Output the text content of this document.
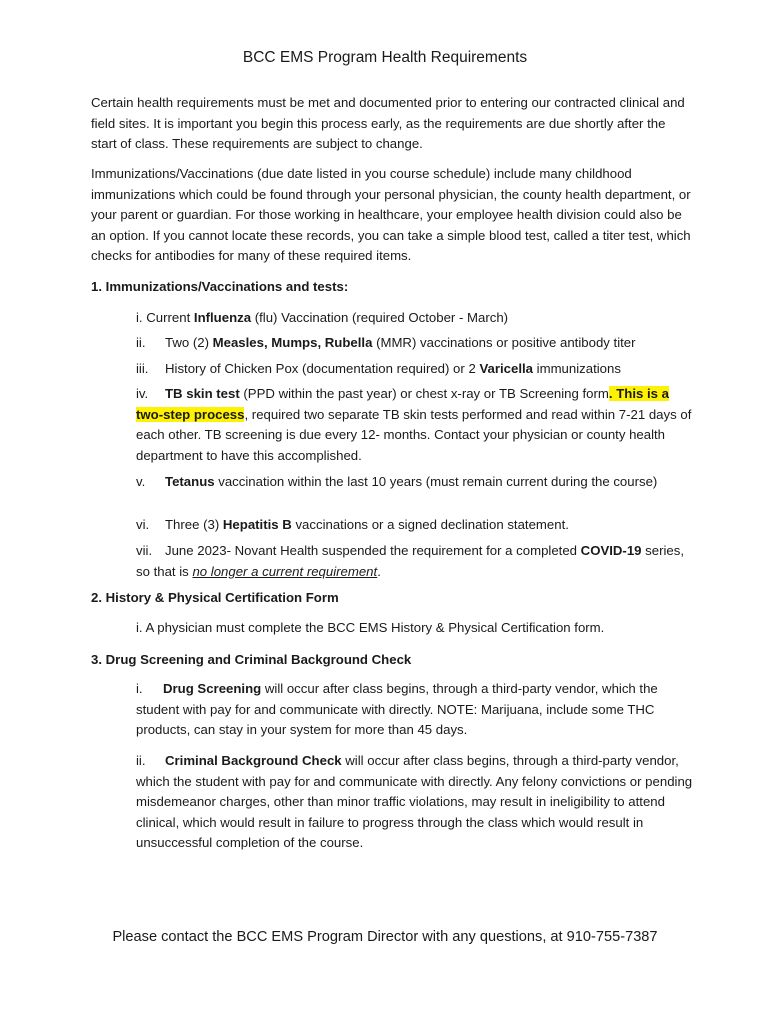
BCC EMS Program Health Requirements
Certain health requirements must be met and documented prior to entering our contracted clinical and field sites. It is important you begin this process early, as the requirements are due shortly after the start of class. These requirements are subject to change.
Immunizations/Vaccinations (due date listed in you course schedule) include many childhood immunizations which could be found through your personal physician, the county health department, or your parent or guardian. For those working in healthcare, your employee health division could also be an option. If you cannot locate these records, you can take a simple blood test, called a titer test, which checks for antibodies for many of these required items.
1. Immunizations/Vaccinations and tests:
i. Current Influenza (flu) Vaccination (required October - March)
ii. Two (2) Measles, Mumps, Rubella (MMR) vaccinations or positive antibody titer
iii. History of Chicken Pox (documentation required) or 2 Varicella immunizations
iv. TB skin test (PPD within the past year) or chest x-ray or TB Screening form. This is a two-step process, required two separate TB skin tests performed and read within 7-21 days of each other. TB screening is due every 12- months. Contact your physician or county health department to have this accomplished.
v. Tetanus vaccination within the last 10 years (must remain current during the course)
vi. Three (3) Hepatitis B vaccinations or a signed declination statement.
vii. June 2023- Novant Health suspended the requirement for a completed COVID-19 series, so that is no longer a current requirement.
2. History & Physical Certification Form
i. A physician must complete the BCC EMS History & Physical Certification form.
3. Drug Screening and Criminal Background Check
i. Drug Screening will occur after class begins, through a third-party vendor, which the student with pay for and communicate with directly. NOTE: Marijuana, include some THC products, can stay in your system for more than 45 days.
ii. Criminal Background Check will occur after class begins, through a third-party vendor, which the student with pay for and communicate with directly. Any felony convictions or pending misdemeanor charges, other than minor traffic violations, may result in ineligibility to attend clinical, which would result in failure to progress through the class which would result in unsuccessful completion of the course.
Please contact the BCC EMS Program Director with any questions, at 910-755-7387
